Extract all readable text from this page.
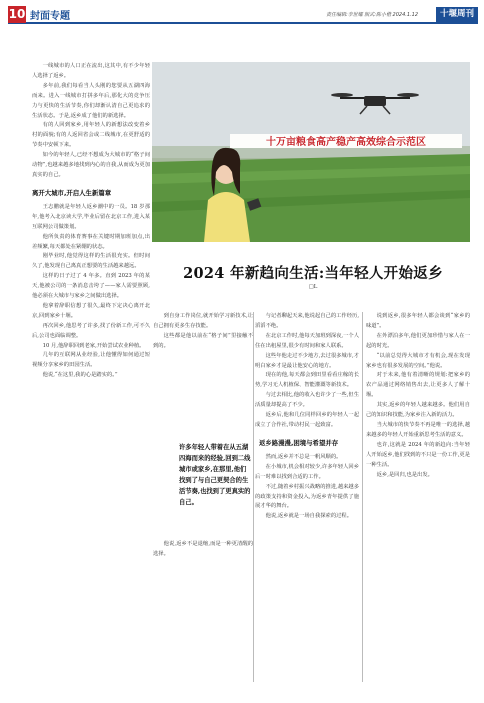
10 封面专题	责任编辑:李世耀 版式:陈小楷 2024.1.12	十堰周刊

一线城市的人口正在流出,这其中,有不少年轻人选择了返乡。

多年前,我们每看当人头刚的您要从五湖四海而来。进入一线城市打拼多年后,那化大的竞争压力与更快的生活节奏,你们却渐认清自己更追求的生活状态。于是,返乡成了他们的新选择。

有的人回到家乡,用年轻人的新想法改变着乡村的面貌;有的人返回省会或二线城市,在更舒适的节奏中安顿下来。

如今的年轻人,已经不想成为大城市的“格子间动物”,也越来越多地找到内心的自我,从而成为更加真实的自己。

离开大城市,开启人生新篇章

王志鹏就是年轻人返乡潮中的一员。18 岁那年,他考入北京读大学,毕业后留在北京工作,进入某互联网公司做策划。

他所负责的体育赛事在关键时期加班加点,出差频繁,每天都处在紧绷的状态。

刚毕业时,他觉得这样的生活很充实。但时间久了,他发现自己离真正想要的生活越来越远。

这样的日子过了 4 年多。直到 2023 年的某天,他被公司的一条消息击垮了——家人需要照顾,他必须在大城市与家乡之间做出选择。

他拿着辞职信想了很久,最终下定决心离开北京,回到家乡十堰。

再次回乡,他思考了许多,找了份新工作,可不久后,公司也面临调整。

10 月,他辞职回到老家,开始尝试农业种植。

几年的互联网从业经验,让他懂得如何通过短视频分享家乡的田园生活。

他说,“在这里,我的心是踏实的。”

十万亩粮食高产稳产高效综合示范区
2024 年新趋向生活:当年轻人开始返乡
□L

到自身工作岗位,就开始学习新技术,让自己拥有更多生存技能。

这些都是他以前在“格子间”里接触不到的。

许多年轻人带着在从五湖四海而来的经验,回到二线城市或家乡,在那里,他们找到了与自己更契合的生活节奏,也找到了更真实的自己。

他说,返乡不是退缩,而是一种更清醒的选择。

与记者聊起天来,他说起自己的工作经历,滔滔不绝。

在北京工作时,他每天加班到深夜,一个人住在出租屋里,很少有时间和家人联系。

这些年他走过不少地方,去过很多城市,才明白家乡才是最让他安心的地方。

现在的他,每天都会到田里看看庄稼的长势,学习无人机植保、智能灌溉等新技术。

与过去相比,他的收入也许少了一些,但生活质量却提高了不少。

返乡后,他和几位同样回乡的年轻人一起成立了合作社,带动村民一起致富。

返乡路漫漫,困境与希望并存

然而,返乡并不总是一帆风顺的。

在小城市,机会相对较少,许多年轻人回乡后一时难以找到合适的工作。

不过,随着乡村振兴战略的推进,越来越多的政策支持和资金投入,为返乡青年提供了施展才华的舞台。

他说,返乡就是一场自我探索的过程。

说到返乡,很多年轻人都会谈到“家乡的味道”。

在外漂泊多年,他们更加珍惜与家人在一起的时光。

“以前总觉得大城市才有机会,现在发现家乡也有很多发展的空间。”他说。

对于未来,他有着清晰的规划:把家乡的农产品通过网络销售出去,让更多人了解十堰。

其实,返乡的年轻人越来越多。他们用自己的知识和技能,为家乡注入新的活力。

当大城市的快节奏不再是唯一的选择,越来越多的年轻人开始重新思考生活的意义。

也许,这就是 2024 年的新趋向:当年轻人开始返乡,他们找到的不只是一份工作,更是一种生活。

返乡,是回归,也是出发。
